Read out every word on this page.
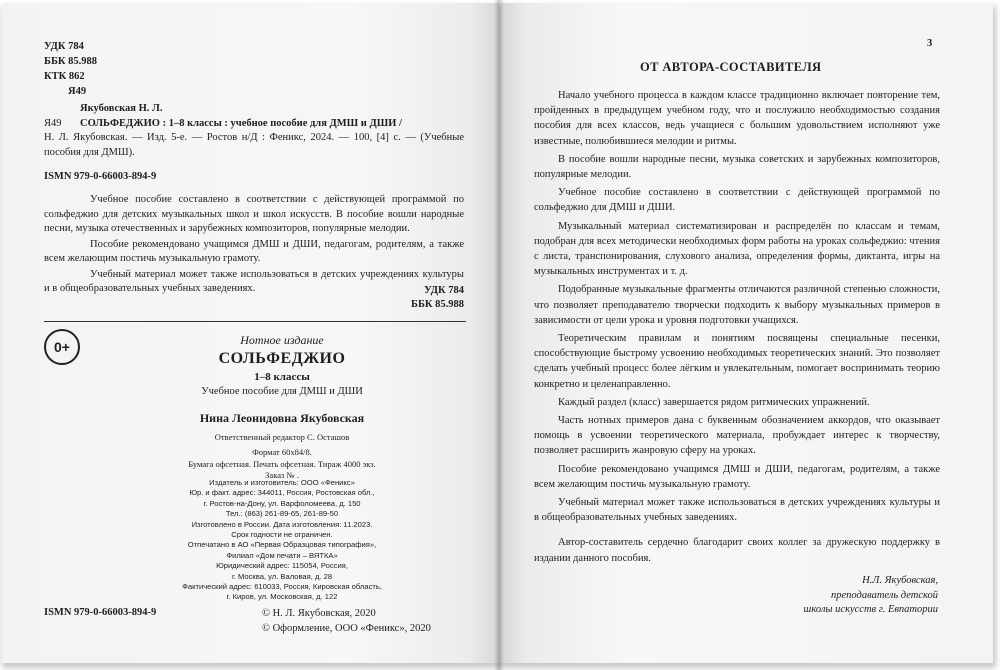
УДК 784
ББК 85.988
КТК 862
Я49
Якубовская Н. Л.
Я49	СОЛЬФЕДЖИО : 1–8 классы : учебное пособие для ДМШ и ДШИ /
Н. Л. Якубовская. — Изд. 5-е. — Ростов н/Д : Феникс, 2024. — 100, [4] с. — (Учебные пособия для ДМШ).
ISMN 979-0-66003-894-9

Учебное пособие составлено в соответствии с действующей программой по сольфеджио для детских музыкальных школ и школ искусств. В пособие вошли народные песни, музыка отечественных и зарубежных композиторов, популярные мелодии.

Пособие рекомендовано учащимся ДМШ и ДШИ, педагогам, родителям, а также всем желающим постичь музыкальную грамоту.

Учебный материал может также использоваться в детских учреждениях культуры и в общеобразовательных учебных заведениях.	УДК 784
ББК 85.988
0+	Нотное издание
СОЛЬФЕДЖИО
1–8 классы
Учебное пособие для ДМШ и ДШИ
Нина Леонидовна Якубовская
Ответственный редактор С. Осташов
Формат 60х84/8.
Бумага офсетная. Печать офсетная. Тираж 4000 экз.
Заказ № .
Издатель и изготовитель: ООО «Феникс»
Юр. и факт. адрес: 344011, Россия, Ростовская обл.,
г. Ростов-на-Дону, ул. Варфоломеева, д. 150
Тел.: (863) 261-89-65, 261-89-50
Изготовлено в России. Дата изготовления: 11.2023.
Срок годности не ограничен.
Отпечатано в АО «Первая Образцовая типография»,
Филиал «Дом печати – ВЯТКА»
Юридический адрес: 115054, Россия,
г. Москва, ул. Валовая, д. 28
Фактический адрес: 610033, Россия, Кировская область,
г. Киров, ул. Московская, д. 122
ISMN 979-0-66003-894-9	© Н. Л. Якубовская, 2020
© Оформление, ООО «Феникс», 2020
3
ОТ АВТОРА-СОСТАВИТЕЛЯ

Начало учебного процесса в каждом классе традиционно включает повторение тем, пройденных в предыдущем учебном году, что и послужило необходимостью создания пособия для всех классов, ведь учащиеся с большим удовольствием исполняют уже известные, полюбившиеся мелодии и ритмы.

В пособие вошли народные песни, музыка советских и зарубежных композиторов, популярные мелодии.

Учебное пособие составлено в соответствии с действующей программой по сольфеджио для ДМШ и ДШИ.

Музыкальный материал систематизирован и распределён по классам и темам, подобран для всех методически необходимых форм работы на уроках сольфеджио: чтения с листа, транспонирования, слухового анализа, определения формы, диктанта, игры на музыкальных инструментах и т. д.

Подобранные музыкальные фрагменты отличаются различной степенью сложности, что позволяет преподавателю творчески подходить к выбору музыкальных примеров в зависимости от цели урока и уровня подготовки учащихся.

Теоретическим правилам и понятиям посвящены специальные песенки, способствующие быстрому усвоению необходимых теоретических знаний. Это позволяет сделать учебный процесс более лёгким и увлекательным, помогает воспринимать теорию конкретно и целенаправленно.

Каждый раздел (класс) завершается рядом ритмических упражнений.

Часть нотных примеров дана с буквенным обозначением аккордов, что оказывает помощь в усвоении теоретического материала, пробуждает интерес к творчеству, позволяет расширить жанровую сферу на уроках.

Пособие рекомендовано учащимся ДМШ и ДШИ, педагогам, родителям, а также всем желающим постичь музыкальную грамоту.

Учебный материал может также использоваться в детских учреждениях культуры и в общеобразовательных учебных заведениях.

Автор-составитель сердечно благодарит своих коллег за дружескую поддержку в издании данного пособия.

Н.Л. Якубовская,
преподаватель детской
школы искусств г. Евпатории
